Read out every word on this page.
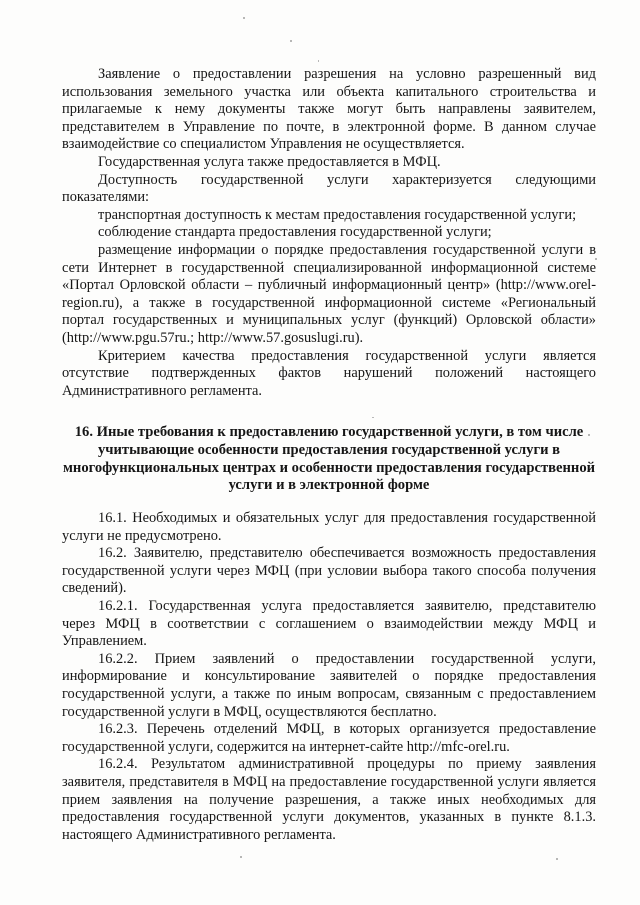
Заявление о предоставлении разрешения на условно разрешенный вид использования земельного участка или объекта капитального строительства и прилагаемые к нему документы также могут быть направлены заявителем, представителем в Управление по почте, в электронной форме. В данном случае взаимодействие со специалистом Управления не осуществляется.

Государственная услуга также предоставляется в МФЦ.

Доступность государственной услуги характеризуется следующими показателями:

транспортная доступность к местам предоставления государственной услуги;

соблюдение стандарта предоставления государственной услуги;

размещение информации о порядке предоставления государственной услуги в сети Интернет в государственной специализированной информационной системе «Портал Орловской области – публичный информационный центр» (http://www.orel-region.ru), а также в государственной информационной системе «Региональный портал государственных и муниципальных услуг (функций) Орловской области» (http://www.pgu.57ru.; http://www.57.gosuslugi.ru).

Критерием качества предоставления государственной услуги является отсутствие подтвержденных фактов нарушений положений настоящего Административного регламента.

16. Иные требования к предоставлению государственной услуги, в том числе учитывающие особенности предоставления государственной услуги в многофункциональных центрах и особенности предоставления государственной услуги и в электронной форме

16.1. Необходимых и обязательных услуг для предоставления государственной услуги не предусмотрено.

16.2. Заявителю, представителю обеспечивается возможность предоставления государственной услуги через МФЦ (при условии выбора такого способа получения сведений).

16.2.1. Государственная услуга предоставляется заявителю, представителю через МФЦ в соответствии с соглашением о взаимодействии между МФЦ и Управлением.

16.2.2. Прием заявлений о предоставлении государственной услуги, информирование и консультирование заявителей о порядке предоставления государственной услуги, а также по иным вопросам, связанным с предоставлением государственной услуги в МФЦ, осуществляются бесплатно.

16.2.3. Перечень отделений МФЦ, в которых организуется предоставление государственной услуги, содержится на интернет-сайте http://mfc-orel.ru.

16.2.4. Результатом административной процедуры по приему заявления заявителя, представителя в МФЦ на предоставление государственной услуги является прием заявления на получение разрешения, а также иных необходимых для предоставления государственной услуги документов, указанных в пункте 8.1.3. настоящего Административного регламента.
